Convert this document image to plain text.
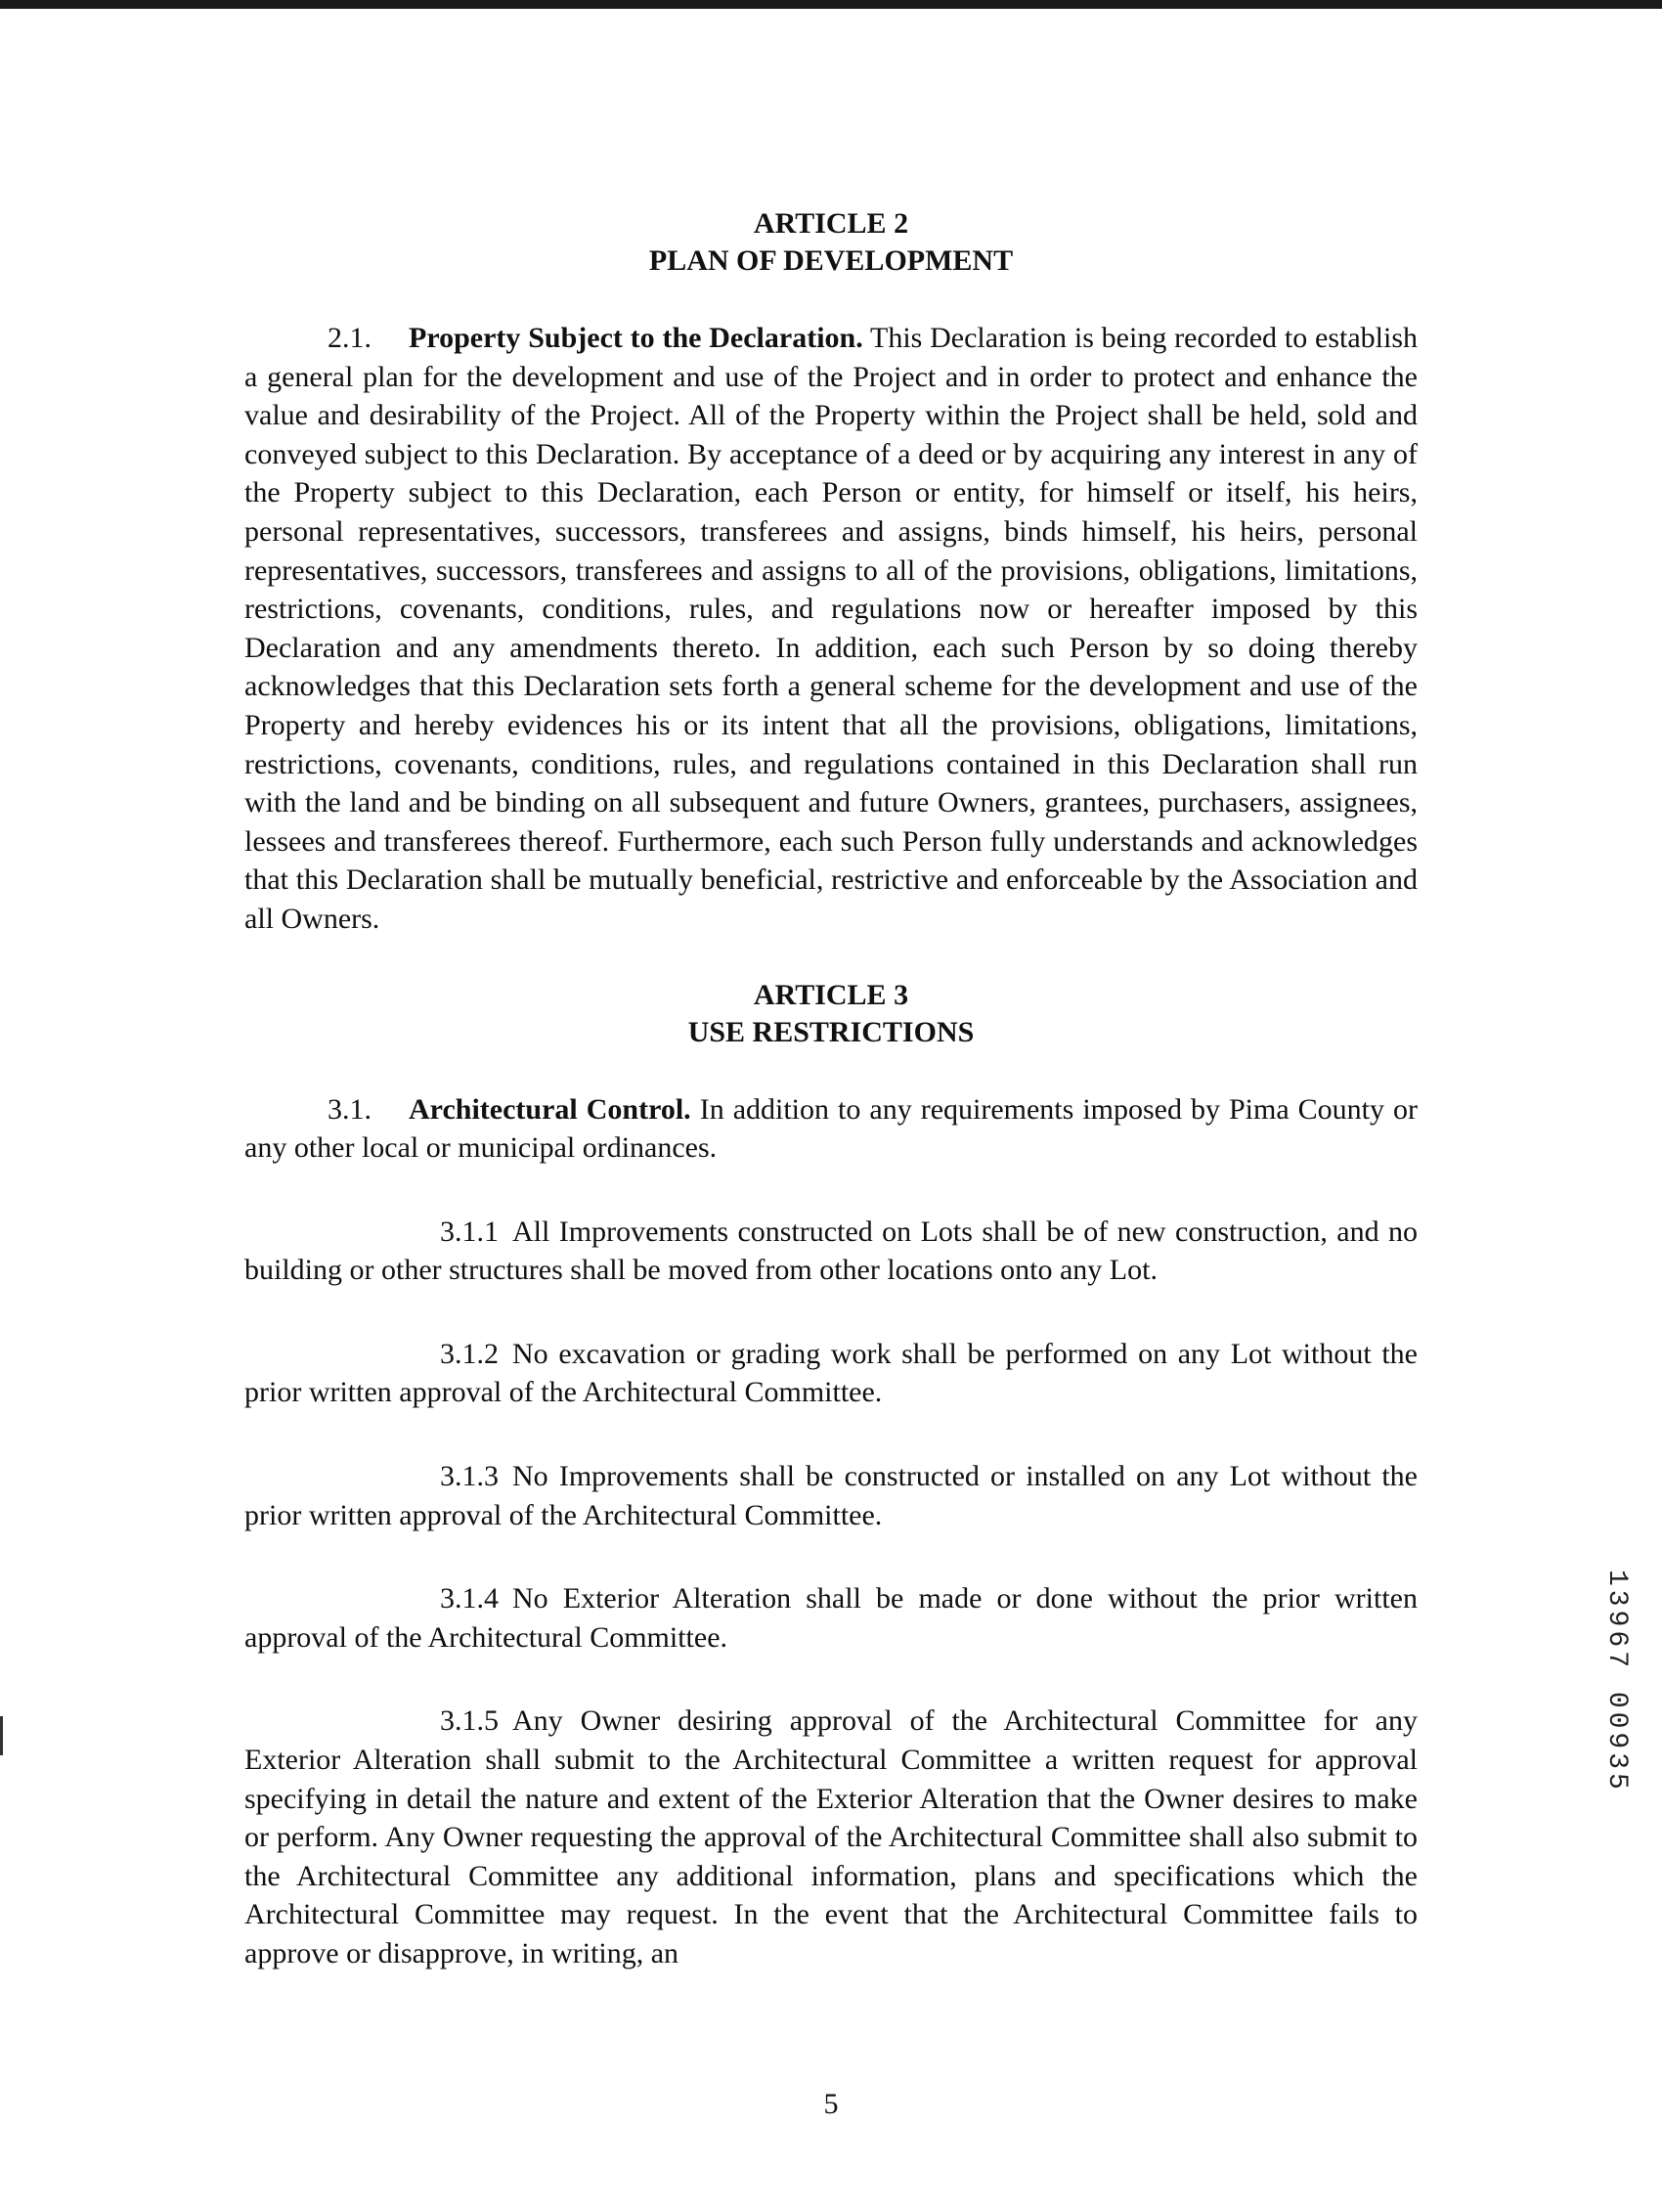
ARTICLE 2

PLAN OF DEVELOPMENT

2.1. Property Subject to the Declaration. This Declaration is being recorded to establish a general plan for the development and use of the Project and in order to protect and enhance the value and desirability of the Project. All of the Property within the Project shall be held, sold and conveyed subject to this Declaration. By acceptance of a deed or by acquiring any interest in any of the Property subject to this Declaration, each Person or entity, for himself or itself, his heirs, personal representatives, successors, transferees and assigns, binds himself, his heirs, personal representatives, successors, transferees and assigns to all of the provisions, obligations, limitations, restrictions, covenants, conditions, rules, and regulations now or hereafter imposed by this Declaration and any amendments thereto. In addition, each such Person by so doing thereby acknowledges that this Declaration sets forth a general scheme for the development and use of the Property and hereby evidences his or its intent that all the provisions, obligations, limitations, restrictions, covenants, conditions, rules, and regulations contained in this Declaration shall run with the land and be binding on all subsequent and future Owners, grantees, purchasers, assignees, lessees and transferees thereof. Furthermore, each such Person fully understands and acknowledges that this Declaration shall be mutually beneficial, restrictive and enforceable by the Association and all Owners.

ARTICLE 3

USE RESTRICTIONS

3.1. Architectural Control. In addition to any requirements imposed by Pima County or any other local or municipal ordinances.

3.1.1 All Improvements constructed on Lots shall be of new construction, and no building or other structures shall be moved from other locations onto any Lot.

3.1.2 No excavation or grading work shall be performed on any Lot without the prior written approval of the Architectural Committee.

3.1.3 No Improvements shall be constructed or installed on any Lot without the prior written approval of the Architectural Committee.

3.1.4 No Exterior Alteration shall be made or done without the prior written approval of the Architectural Committee.

3.1.5 Any Owner desiring approval of the Architectural Committee for any Exterior Alteration shall submit to the Architectural Committee a written request for approval specifying in detail the nature and extent of the Exterior Alteration that the Owner desires to make or perform. Any Owner requesting the approval of the Architectural Committee shall also submit to the Architectural Committee any additional information, plans and specifications which the Architectural Committee may request. In the event that the Architectural Committee fails to approve or disapprove, in writing, an

5
13967 00935
